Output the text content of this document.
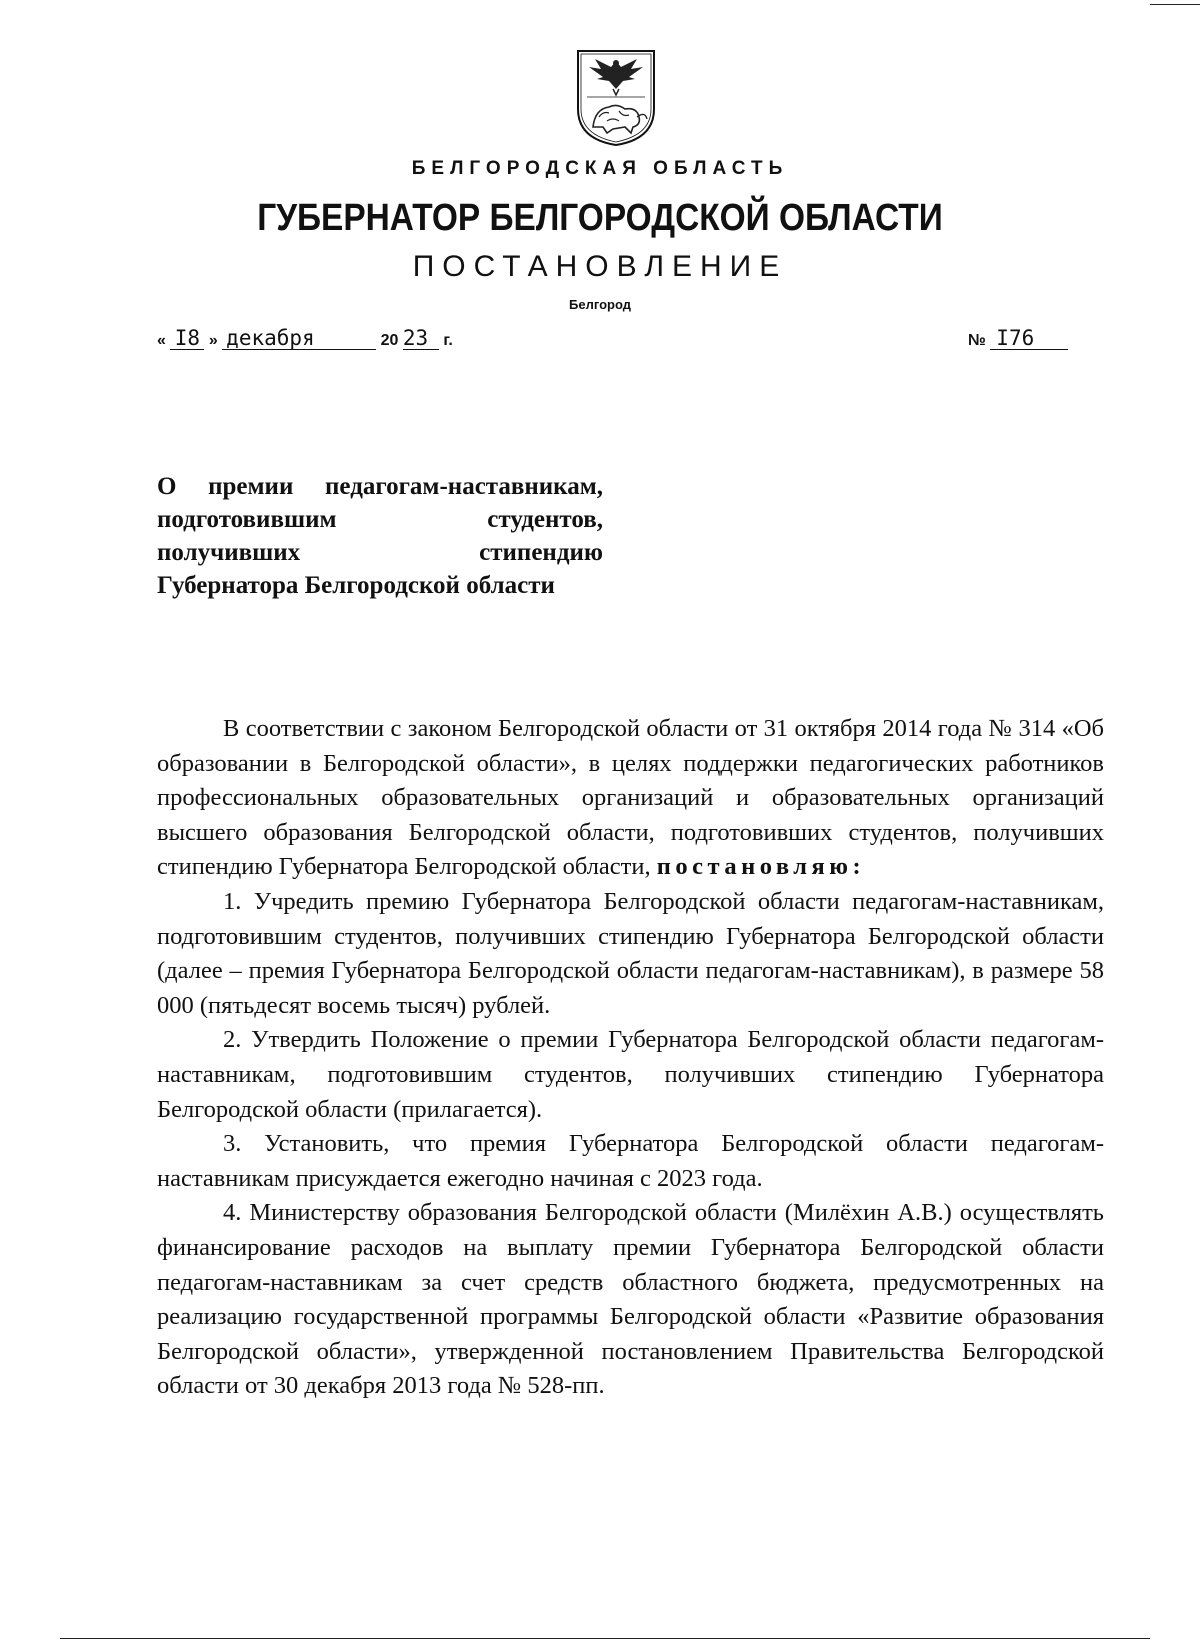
БЕЛГОРОДСКАЯ ОБЛАСТЬ
ГУБЕРНАТОР БЕЛГОРОДСКОЙ ОБЛАСТИ
ПОСТАНОВЛЕНИЕ
Белгород
« I8 » декабря	20 23 г.	№ I76
О премии педагогам-наставникам,
подготовившим студентов,
получивших стипендию
Губернатора Белгородской области

В соответствии с законом Белгородской области от 31 октября 2014 года № 314 «Об образовании в Белгородской области», в целях поддержки педагогических работников профессиональных образовательных организаций и образовательных организаций высшего образования Белгородской области, подготовивших студентов, получивших стипендию Губернатора Белгородской области, постановляю:

1. Учредить премию Губернатора Белгородской области педагогам-наставникам, подготовившим студентов, получивших стипендию Губернатора Белгородской области (далее – премия Губернатора Белгородской области педагогам-наставникам), в размере 58 000 (пятьдесят восемь тысяч) рублей.

2. Утвердить Положение о премии Губернатора Белгородской области педагогам-наставникам, подготовившим студентов, получивших стипендию Губернатора Белгородской области (прилагается).

3. Установить, что премия Губернатора Белгородской области педагогам-наставникам присуждается ежегодно начиная с 2023 года.

4. Министерству образования Белгородской области (Милёхин А.В.) осуществлять финансирование расходов на выплату премии Губернатора Белгородской области педагогам-наставникам за счет средств областного бюджета, предусмотренных на реализацию государственной программы Белгородской области «Развитие образования Белгородской области», утвержденной постановлением Правительства Белгородской области от 30 декабря 2013 года № 528-пп.
